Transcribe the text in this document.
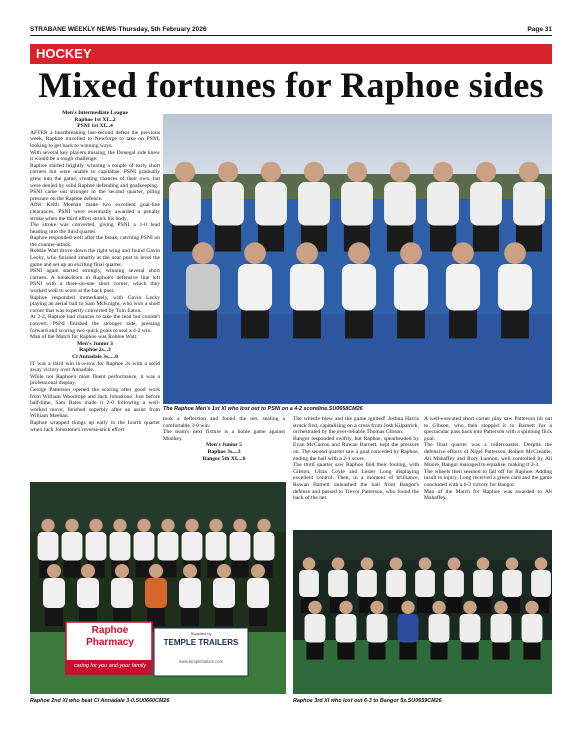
STRABANE WEEKLY NEWS-Thursday, 5th February 2026	Page 31
HOCKEY
Mixed fortunes for Raphoe sides

Men's Intermediate League

Raphoe 1st XI...2

PSNI 1st XI...4

AFTER a heartbreaking last-second defeat the previous week, Raphoe travelled to Newforge to take on PSNI, looking to get back to winning ways.

With several key players missing, the Donegal side knew it would be a tough challenge.

Raphoe started brightly, winning a couple of early short corners but were unable to capitalise. PSNI gradually grew into the game, creating chances of their own, but were denied by solid Raphoe defending and goalkeeping.

PSNI came out stronger in the second quarter, piling pressure on the Raphoe defence.

After Keith Meehan made two excellent goal-line clearances, PSNI were eventually awarded a penalty stroke when the third effort struck his body.

The stroke was converted, giving PSNI a 1-0 lead heading into the third quarter.

Raphoe responded well after the break, catching PSNI on the counter-attack.

Robbie Watt drove down the right wing and found Gavin Lecky, who finished smartly at the near post to level the game and set up an exciting final quarter.

PSNI again started strongly, winning several short corners. A breakdown in Raphoe's defensive line left PSNI with a three-on-one short corner, which they worked well to score at the back post.

Raphoe responded immediately, with Gavin Lecky playing an aerial ball to Sam McKnight, who won a short corner that was expertly converted by Tom Eaton.

At 2-2, Raphoe had chances to take the lead but couldn't convert. PSNI finished the stronger side, pressing forward and scoring two quick goals to seal a 4-2 win.

Man of the Match for Raphoe was Robbie Watt.

Men's Junior 3

Raphoe 2s...3

Cl Annadale 3s.....0

IT was a third win in-a-row for Raphoe 2s with a solid away victory over Annadale.

While not Raphoe's most fluent performance, it was a professional display.

George Patterson opened the scoring after good work from William Woodrope and Jack Johnstone. Just before half-time, Sam Bates made it 2-0 following a well-worked move, finished superbly after an assist from William Meehan.

Raphoe wrapped things up early in the fourth quarter when Jack Johnstone's reverse-stick effort

The Raphoe Men's 1st XI who lost out to PSNI on a 4-2 scoreline.SU0658CM26

took a deflection and found the net, sealing a comfortable 3-0 win.

The team's next fixture is a home game against Monkey.

Men's Junior 5

Raphoe 3s....3

Bangor 5th XI....6

The whistle blew and the game ignited! Joshua Harris struck first, capitalising on a cross from Josh Kilpatrick, orchestrated by the ever-reliable Thomas Gibson.

Bangor responded swiftly, but Raphoe, spearheaded by Evan McCarron and Rowan Barnett, kept the pressure on. The second quarter saw a goal conceded by Raphoe, ending the half with a 2-1 score.

The third quarter saw Raphoe find their footing, with Gibson, Ultan Coyle and Lester Long displaying excellent control. Then, in a moment of brilliance, Rowan Barnett unleashed the ball from Bangor's defense and passed to Trevor Patterson, who found the back of the net.

A well-executed short corner play saw Patterson hit out to Gibson, who then stopped it to Barnett for a spectacular pass back into Patterson with a spinning flick goal.

The final quarter was a rollercoaster. Despite the defensive efforts of Nigel Patterson, Robert McCreadie, Ali Mahaffey and Rory Lannon, well controlled by Ali Moore, Bangor managed to equalise, making it 3-3.

The wheels then seemed to fall off for Raphoe. Adding insult to injury, Long received a green card and the game concluded with a 6-3 victory for Bangor.

Man of the Match for Raphoe was awarded to Ali Mahaffey.

Raphoe Pharmacy
caring for you and your family
Supplied by
TEMPLE TRAILERS
www.templetrailers.com
Raphoe 2nd XI who beat CI Annadale 3-0.SU0660CM26	Raphoe 3rd XI who lost out 6-3 to Bangor 5s.SU0659CM26
